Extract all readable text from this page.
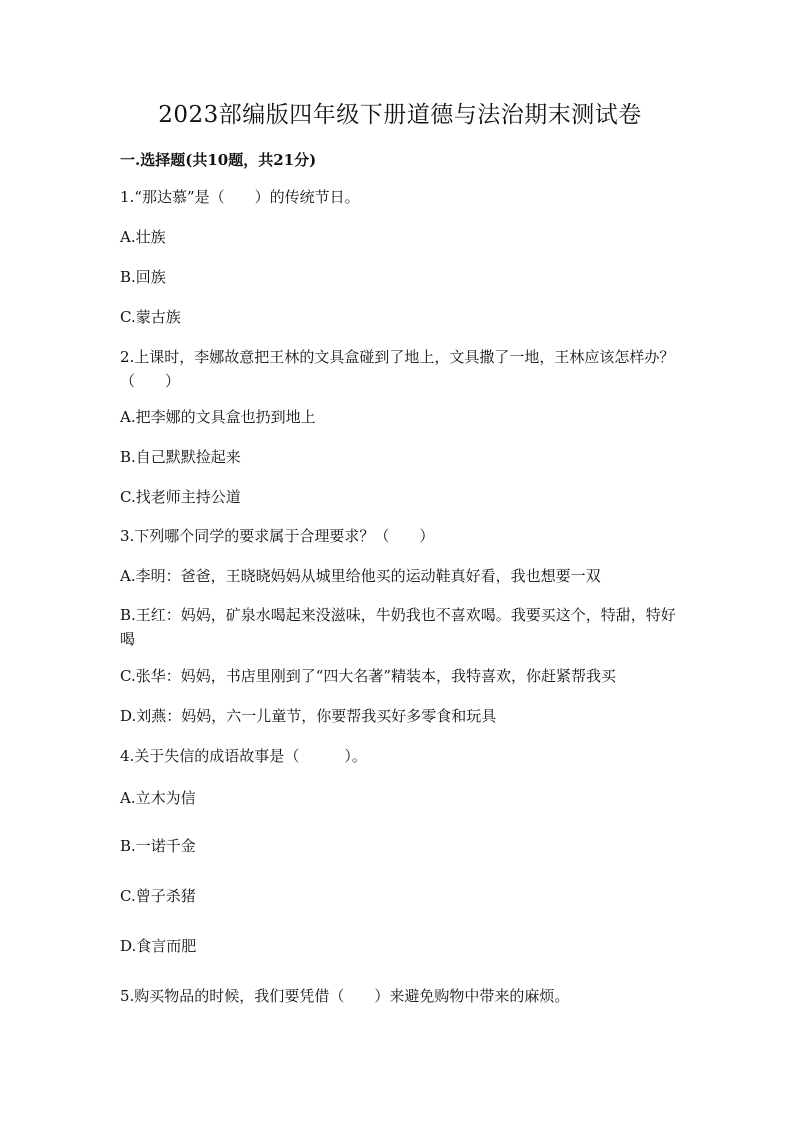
2023部编版四年级下册道德与法治期末测试卷
一.选择题(共10题，共21分)
1.“那达慕”是（　　）的传统节日。
A.壮族
B.回族
C.蒙古族
2.上课时，李娜故意把王林的文具盒碰到了地上，文具撒了一地，王林应该怎样办？（　　）
A.把李娜的文具盒也扔到地上
B.自己默默捡起来
C.找老师主持公道
3.下列哪个同学的要求属于合理要求？（　　）
A.李明：爸爸，王晓晓妈妈从城里给他买的运动鞋真好看，我也想要一双
B.王红：妈妈，矿泉水喝起来没滋味，牛奶我也不喜欢喝。我要买这个，特甜，特好喝
C.张华：妈妈，书店里刚到了“四大名著”精装本，我特喜欢，你赶紧帮我买
D.刘燕：妈妈，六一儿童节，你要帮我买好多零食和玩具
4.关于失信的成语故事是（　　　）。
A.立木为信
B.一诺千金
C.曾子杀猪
D.食言而肥
5.购买物品的时候，我们要凭借（　　）来避免购物中带来的麻烦。
